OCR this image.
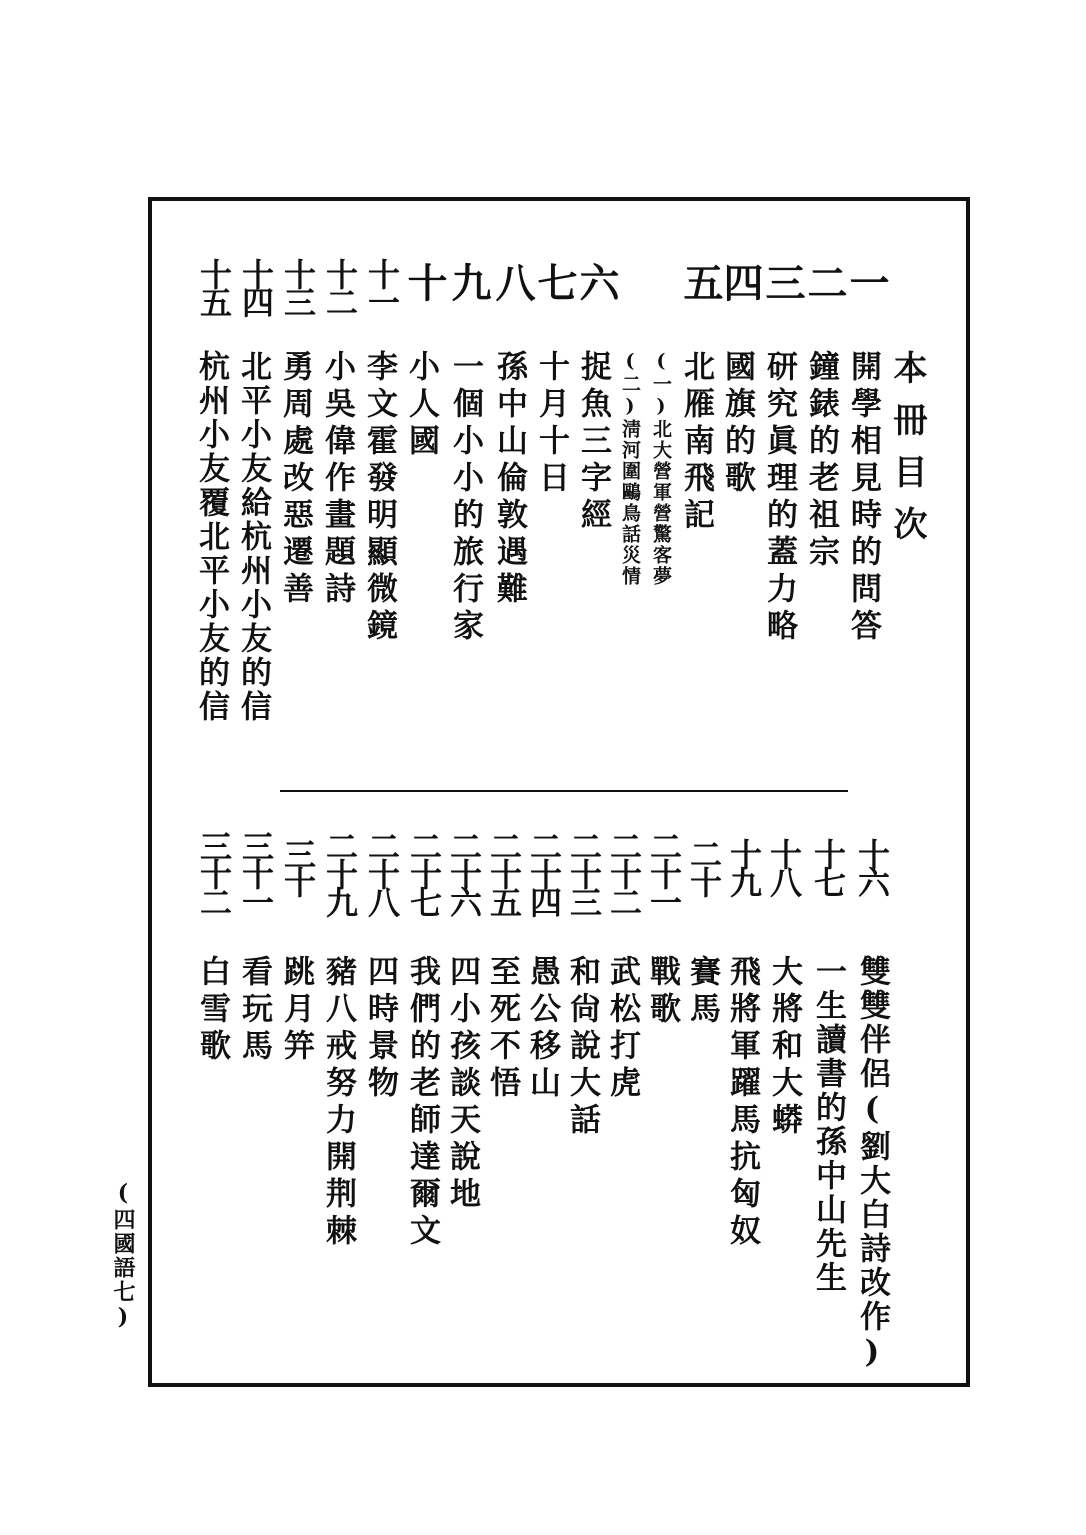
本冊目次
一
開學相見時的問答
二
鐘錶的老祖宗
三
研究眞理的蓋力略
四
國旗的歌
五
北雁南飛記
(一)北大營軍營驚客夢
(二)淸河圍鷗鳥話災情
六
捉魚三字經
七
十月十日
八
孫中山倫敦遇難
九
一個小小的旅行家
十
小人國
十一
李文霍發明顯微鏡
十二
小吳偉作畫題詩
十三
勇周處改惡遷善
十四
北平小友給杭州小友的信
十五
杭州小友覆北平小友的信
十六
雙雙伴侶(劉大白詩改作)
十七
一生讀書的孫中山先生
十八
大將和大蟒
十九
飛將軍躍馬抗匈奴
二十
賽馬
二十一
戰歌
二十二
武松打虎
二十三
和尙說大話
二十四
愚公移山
二十五
至死不悟
二十六
四小孩談天說地
二十七
我們的老師達爾文
二十八
四時景物
二十九
豬八戒努力開荆棘
三十
跳月笄
三十一
看玩馬
三十二
白雪歌
(四國語七)
